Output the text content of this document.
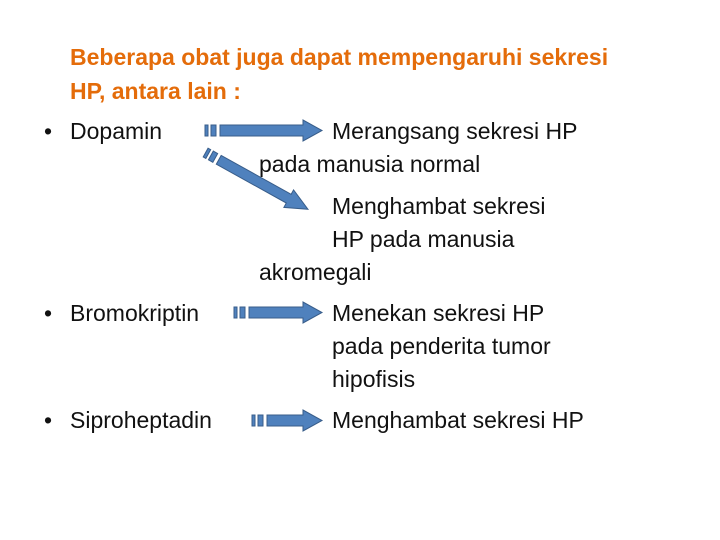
Beberapa obat juga dapat mempengaruhi sekresi
HP, antara lain :
• Dopamin
• Bromokriptin
• Siproheptadin
Merangsang sekresi HP
pada manusia normal
Menghambat sekresi
HP pada manusia
akromegali
Menekan sekresi HP
pada penderita tumor
hipofisis
Menghambat sekresi HP
